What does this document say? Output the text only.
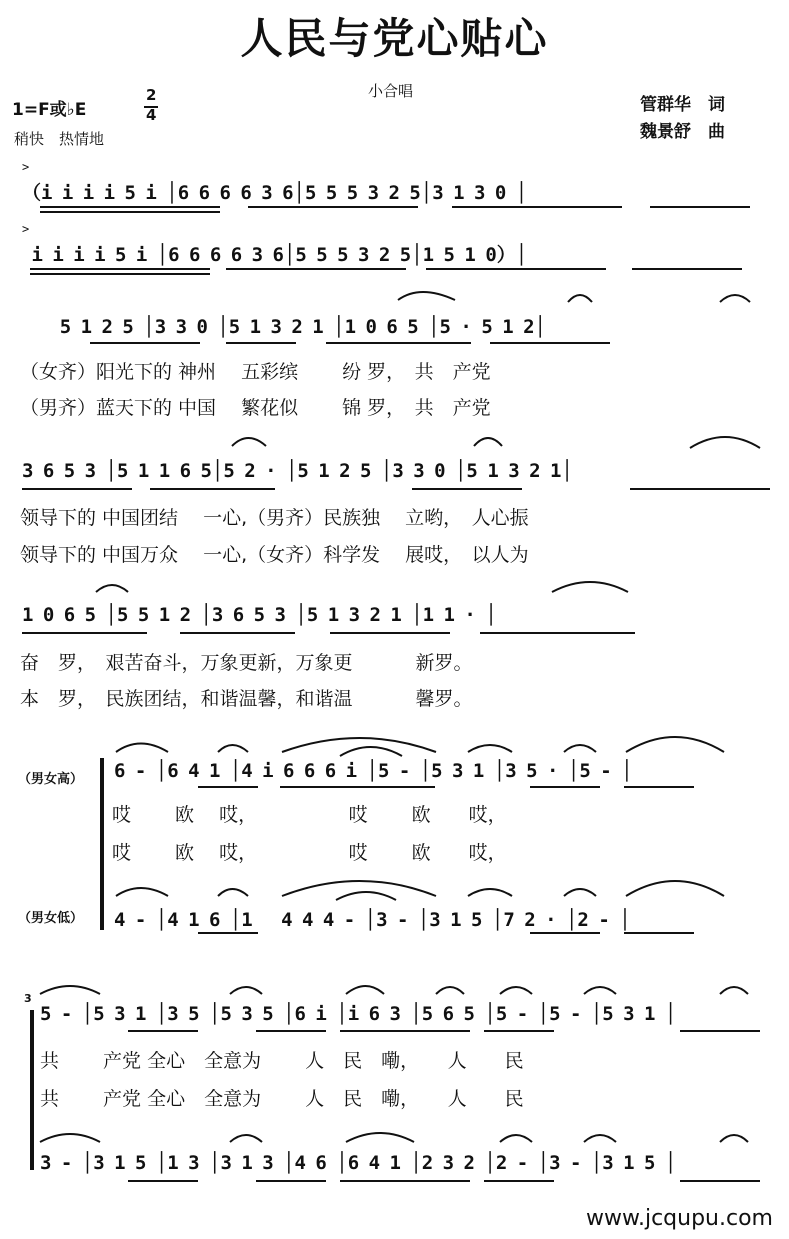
人民与党心贴心
小合唱
1=F或♭E
2
4
稍快　热情地
管群华　词
魏景舒　曲
>
（i i i i 5 i │6 6 6 6 3 6│5 5 5 3 2 5│3 1 3 0 │
>
i i i i 5 i │6 6 6 6 3 6│5 5 5 3 2 5│1 5 1 0）│
5 1 2 5 │3 3 0 │5 1 3 2 1 │1 0 6 5 │5 · 5 1 2│
（女齐）阳光下的 神州　 五彩缤　　 纷 罗，　共　产党
（男齐）蓝天下的 中国　 繁花似　　 锦 罗，　共　产党
3 6 5 3 │5 1 1 6 5│5 2 · │5 1 2 5 │3 3 0 │5 1 3 2 1│
领导下的 中国团结　 一心,（男齐）民族独　 立哟，　人心振
领导下的 中国万众　 一心,（女齐）科学发　 展哎，　以人为
1 0 6 5 │5 5 1 2 │3 6 5 3 │5 1 3 2 1 │1 1 · │
奋　罗，　艰苦奋斗，万象更新，万象更　　　 新罗。
本　罗，　民族团结，和谐温馨，和谐温　　　 馨罗。
（男女高）
（男女低）
6 - │6 4 1 │4 i 6 6 6 i │5 - │5 3 1 │3 5 · │5 - │
哎　　 欧　 哎，　　　　　 哎　　 欧　　哎，
哎　　 欧　 哎，　　　　　 哎　　 欧　　哎，
4 - │4 1 6 │1　 4 4 4 - │3 - │3 1 5 │7 2 · │2 - │
3
5 - │5 3 1 │3 5 │5 3 5 │6 i │i 6 3 │5 6 5 │5 - │5 - │5 3 1 │
共　　 产党 全心　全意为　　 人　民　嘞，　　人　　民
共　　 产党 全心　全意为　　 人　民　嘞，　　人　　民
3 - │3 1 5 │1 3 │3 1 3 │4 6 │6 4 1 │2 3 2 │2 - │3 - │3 1 5 │
www.jcqupu.com
